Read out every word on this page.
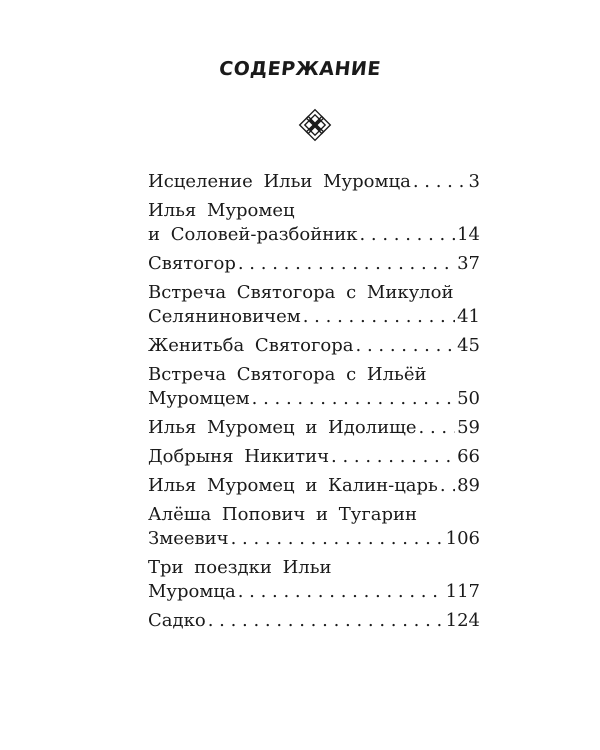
СОДЕРЖАНИЕ
Исцеление Ильи Муромца . . .	3
Илья Муромец
и Соловей-разбойник . . .	14
Святогор . . .	37
Встреча Святогора с Микулой
Селяниновичем . . .	41
Женитьба Святогора . . .	45
Встреча Святогора с Ильёй
Муромцем . . .	50
Илья Муромец и Идолище . . . 59
Добрыня Никитич . . .	66
Илья Муромец и Калин-царь . . . 89
Алёша Попович и Тугарин
Змеевич . . .	106
Три поездки Ильи
Муромца . . .	117
Садко . . .	124
